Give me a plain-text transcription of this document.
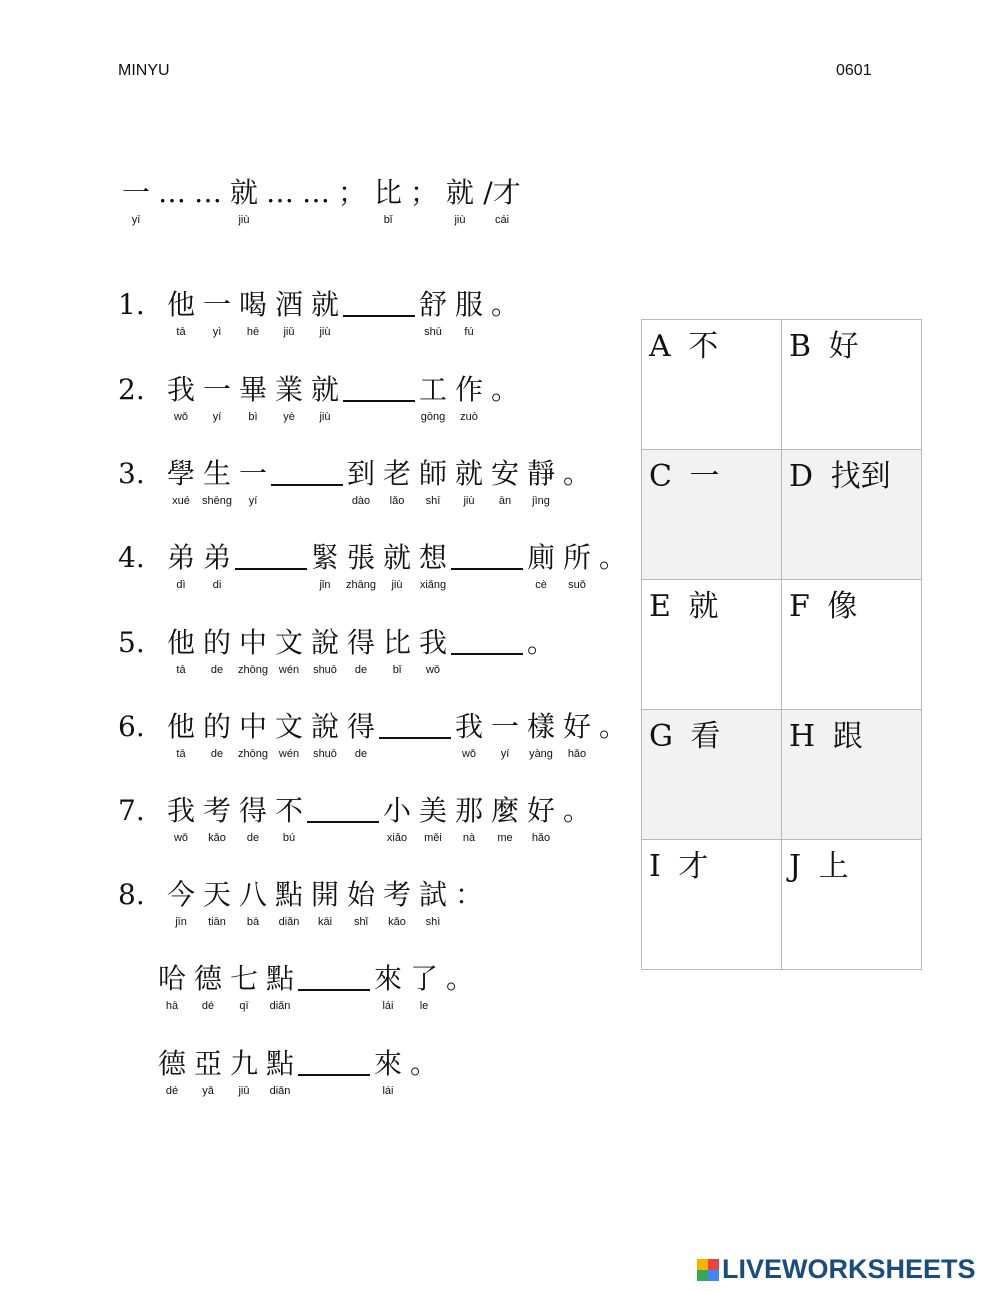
MINYU	0601
一
yī
… … 就
jiù
… … ； 比
bǐ
； 就
jiù
/才
cái
1. 他
tā
一
yì
喝
hē
酒
jiǔ
就
jiù
舒
shū
服
fú
。
2. 我
wǒ
一
yí
畢
bì
業
yè
就
jiù
工
gōng
作
zuò
。
3. 學
xué
生
shēng
一
yí
到
dào
老
lǎo
師
shī
就
jiù
安
ān
靜
jìng
。
4. 弟
dì
弟
di
緊
jǐn
張
zhāng
就
jiù
想
xiǎng
廁
cè
所
suǒ
。
5. 他
tā
的
de
中
zhōng
文
wén
說
shuō
得
de
比
bǐ
我
wǒ
。
6. 他
tā
的
de
中
zhōng
文
wén
說
shuō
得
de
我
wǒ
一
yí
樣
yàng
好
hǎo
。
7. 我
wǒ
考
kǎo
得
de
不
bú
小
xiǎo
美
měi
那
nà
麼
me
好
hǎo
。
8. 今
jīn
天
tiān
八
bā
點
diǎn
開
kāi
始
shǐ
考
kǎo
試
shì
：
哈
hā
德
dé
七
qī
點
diǎn
來
lái
了
le
。
德
dé
亞
yǎ
九
jiǔ
點
diǎn
來
lái
。
A 不	B 好

C 一	D 找到

E 就	F 像

G 看	H 跟

I 才	J 上
LIVEWORKSHEETS
